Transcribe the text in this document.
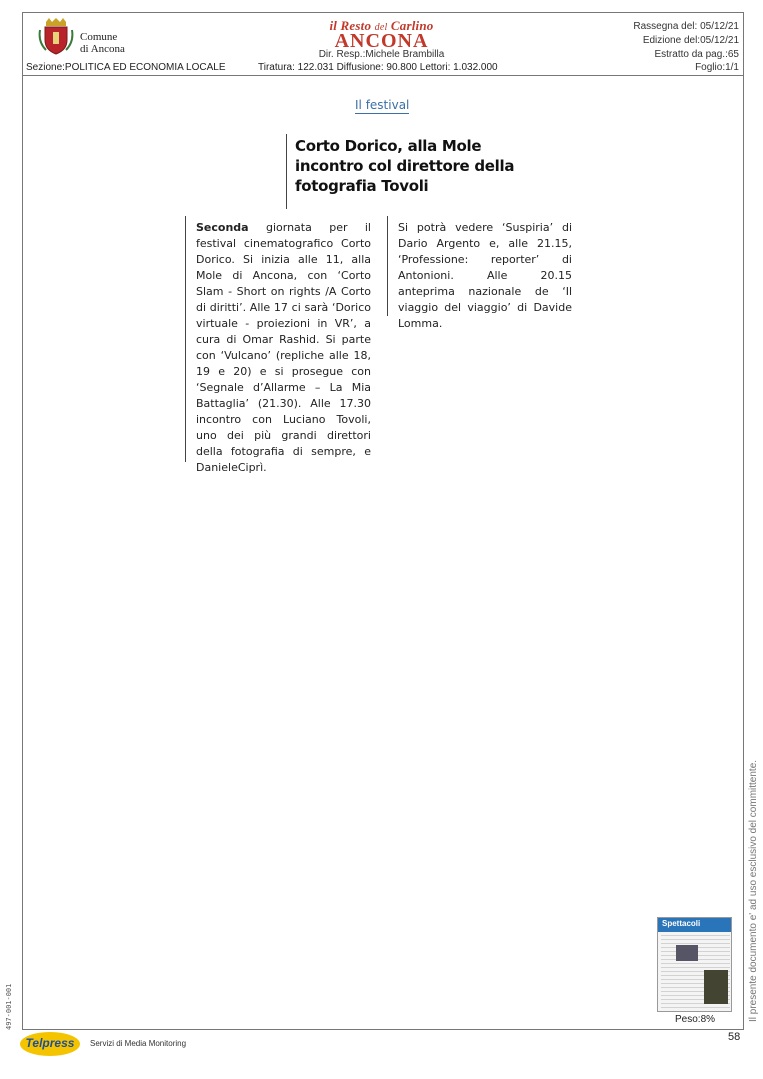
Comune
di Ancona
il Resto del Carlino
ANCONA
Dir. Resp.:Michele Brambilla
Sezione:POLITICA ED ECONOMIA LOCALE	Tiratura: 122.031 Diffusione: 90.800 Lettori: 1.032.000
Rassegna del: 05/12/21
Edizione del:05/12/21
Estratto da pag.:65
Foglio:1/1
Il festival
Corto Dorico, alla Mole incontro col direttore della fotografia Tovoli
Seconda giornata per il festival cinematografico Corto Dorico. Si inizia alle 11, alla Mole di Ancona, con ‘Corto Slam - Short on rights /A Corto di diritti’. Alle 17 ci sarà ‘Dorico virtuale - proiezioni in VR’, a cura di Omar Rashid. Si parte con ‘Vulcano’ (repliche alle 18, 19 e 20) e si prosegue con ‘Segnale d’Allarme – La Mia Battaglia’ (21.30). Alle 17.30 incontro con Luciano Tovoli, uno dei più grandi direttori della fotografia di sempre, e DanieleCiprì.
Si potrà vedere ‘Suspiria’ di Dario Argento e, alle 21.15, ‘Professione: reporter’ di Antonioni. Alle 20.15 anteprima nazionale de ‘Il viaggio del viaggio’ di Davide Lomma.
Spettacoli
Peso:8%
Telpress	Servizi di Media Monitoring
58
Il presente documento e' ad uso esclusivo del committente.
497-001-001
